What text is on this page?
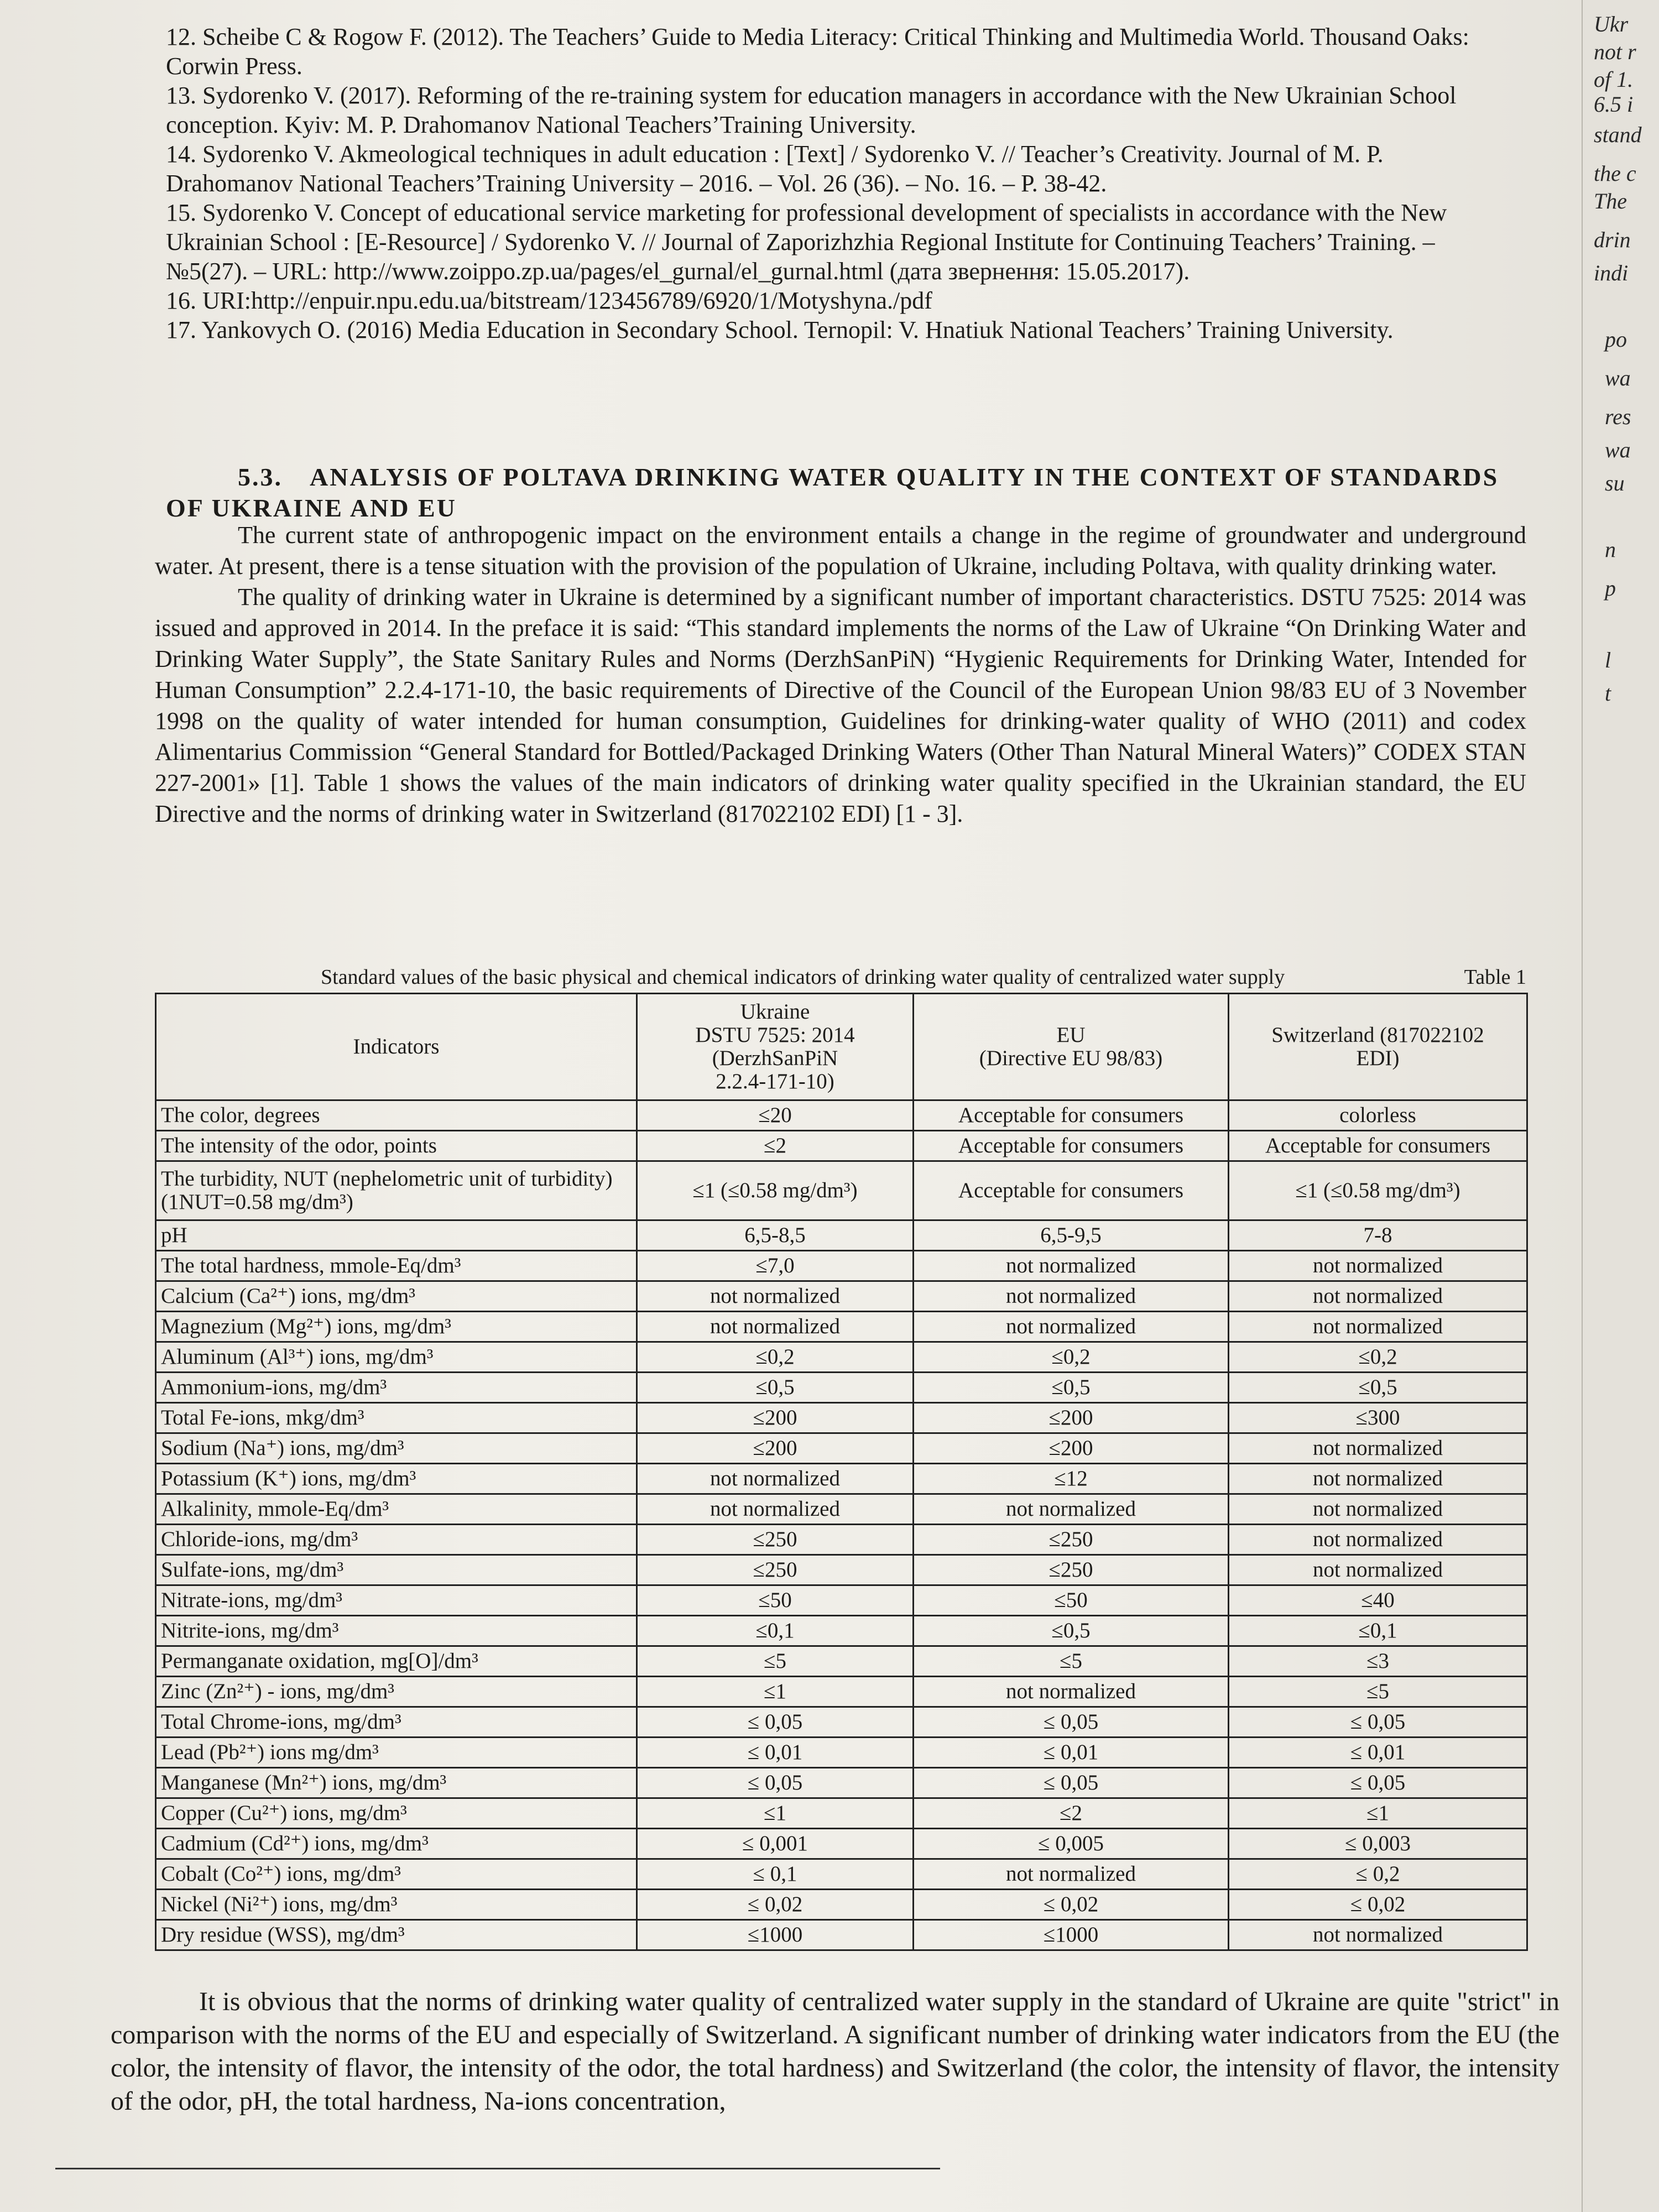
12. Scheibe C & Rogow F. (2012). The Teachers’ Guide to Media Literacy: Critical Thinking and Multimedia World. Thousand Oaks: Corwin Press.

13. Sydorenko V. (2017). Reforming of the re-training system for education managers in accordance with the New Ukrainian School conception. Kyiv: M. P. Drahomanov National Teachers’Training University.

14. Sydorenko V. Akmeological techniques in adult education : [Text] / Sydorenko V. // Teacher’s Creativity. Journal of M. P. Drahomanov National Teachers’Training University – 2016. – Vol. 26 (36). – No. 16. – P. 38-42.

15. Sydorenko V. Concept of educational service marketing for professional development of specialists in accordance with the New Ukrainian School : [E-Resource] / Sydorenko V. // Journal of Zaporizhzhia Regional Institute for Continuing Teachers’ Training. – №5(27). – URL: http://www.zoippo.zp.ua/pages/el_gurnal/el_gurnal.html (дата звернення: 15.05.2017).

16. URI:http://enpuir.npu.edu.ua/bitstream/123456789/6920/1/Motyshyna./pdf

17. Yankovych O. (2016) Media Education in Secondary School. Ternopil: V. Hnatiuk National Teachers’ Training University.

5.3. ANALYSIS OF POLTAVA DRINKING WATER QUALITY IN THE CONTEXT OF STANDARDS OF UKRAINE AND EU

The current state of anthropogenic impact on the environment entails a change in the regime of groundwater and underground water. At present, there is a tense situation with the provision of the population of Ukraine, including Poltava, with quality drinking water.

The quality of drinking water in Ukraine is determined by a significant number of important characteristics. DSTU 7525: 2014 was issued and approved in 2014. In the preface it is said: “This standard implements the norms of the Law of Ukraine “On Drinking Water and Drinking Water Supply”, the State Sanitary Rules and Norms (DerzhSanPiN) “Hygienic Requirements for Drinking Water, Intended for Human Consumption” 2.2.4-171-10, the basic requirements of Directive of the Council of the European Union 98/83 EU of 3 November 1998 on the quality of water intended for human consumption, Guidelines for drinking-water quality of WHO (2011) and codex Alimentarius Commission “General Standard for Bottled/Packaged Drinking Waters (Other Than Natural Mineral Waters)” CODEX STAN 227-2001» [1]. Table 1 shows the values of the main indicators of drinking water quality specified in the Ukrainian standard, the EU Directive and the norms of drinking water in Switzerland (817022102 EDI) [1 - 3].

Standard values of the basic physical and chemical indicators of drinking water quality of centralized water supply	Table 1
Indicators	Ukraine
DSTU 7525: 2014
(DerzhSanPiN
2.2.4-171-10)	EU
(Directive EU 98/83)	Switzerland (817022102
EDI)
The color, degrees	≤20	Acceptable for consumers	colorless
The intensity of the odor, points	≤2	Acceptable for consumers	Acceptable for consumers
The turbidity, NUT (nephelometric unit of turbidity) (1NUT=0.58 mg/dm³)	≤1 (≤0.58 mg/dm³)	Acceptable for consumers	≤1 (≤0.58 mg/dm³)
pH	6,5-8,5	6,5-9,5	7-8
The total hardness, mmole-Eq/dm³	≤7,0	not normalized	not normalized
Calcium (Ca²⁺) ions, mg/dm³	not normalized	not normalized	not normalized
Magnezium (Mg²⁺) ions, mg/dm³	not normalized	not normalized	not normalized
Aluminum (Al³⁺) ions, mg/dm³	≤0,2	≤0,2	≤0,2
Ammonium-ions, mg/dm³	≤0,5	≤0,5	≤0,5
Total Fe-ions, mkg/dm³	≤200	≤200	≤300
Sodium (Na⁺) ions, mg/dm³	≤200	≤200	not normalized
Potassium (K⁺) ions, mg/dm³	not normalized	≤12	not normalized
Alkalinity, mmole-Eq/dm³	not normalized	not normalized	not normalized
Chloride-ions, mg/dm³	≤250	≤250	not normalized
Sulfate-ions, mg/dm³	≤250	≤250	not normalized
Nitrate-ions, mg/dm³	≤50	≤50	≤40
Nitrite-ions, mg/dm³	≤0,1	≤0,5	≤0,1
Permanganate oxidation, mg[O]/dm³	≤5	≤5	≤3
Zinc (Zn²⁺) - ions, mg/dm³	≤1	not normalized	≤5
Total Chrome-ions, mg/dm³	≤ 0,05	≤ 0,05	≤ 0,05
Lead (Pb²⁺) ions mg/dm³	≤ 0,01	≤ 0,01	≤ 0,01
Manganese (Mn²⁺) ions, mg/dm³	≤ 0,05	≤ 0,05	≤ 0,05
Copper (Cu²⁺) ions, mg/dm³	≤1	≤2	≤1
Cadmium (Cd²⁺) ions, mg/dm³	≤ 0,001	≤ 0,005	≤ 0,003
Cobalt (Co²⁺) ions, mg/dm³	≤ 0,1	not normalized	≤ 0,2
Nickel (Ni²⁺) ions, mg/dm³	≤ 0,02	≤ 0,02	≤ 0,02
Dry residue (WSS), mg/dm³	≤1000	≤1000	not normalized

It is obvious that the norms of drinking water quality of centralized water supply in the standard of Ukraine are quite "strict" in comparison with the norms of the EU and especially of Switzerland. A significant number of drinking water indicators from the EU (the color, the intensity of flavor, the intensity of the odor, the total hardness) and Switzerland (the color, the intensity of flavor, the intensity of the odor, pH, the total hardness, Na-ions concentration,

Ukr
not r
of 1.
6.5 i
stand
the c
The
drin
indi
po
wa
res
wa
su
n
p
l
t
